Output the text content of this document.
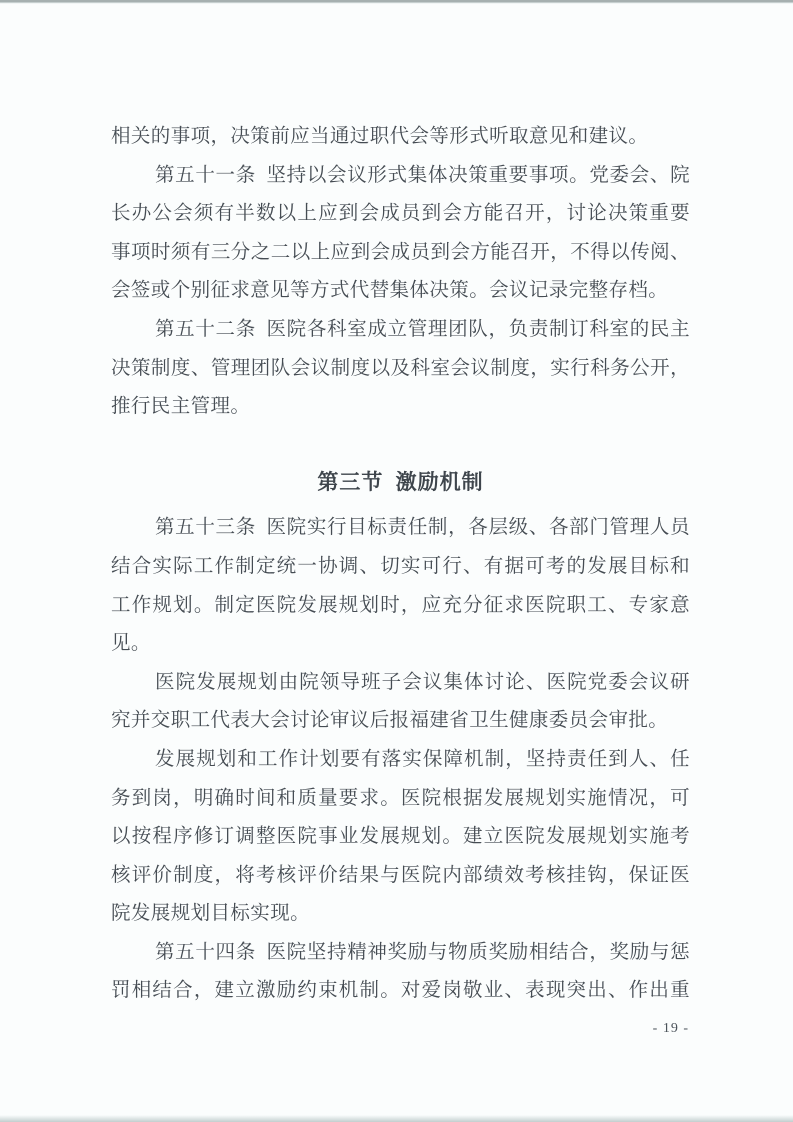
相关的事项，决策前应当通过职代会等形式听取意见和建议。
第五十一条 坚持以会议形式集体决策重要事项。党委会、院
长办公会须有半数以上应到会成员到会方能召开，讨论决策重要
事项时须有三分之二以上应到会成员到会方能召开，不得以传阅、
会签或个别征求意见等方式代替集体决策。会议记录完整存档。
第五十二条 医院各科室成立管理团队，负责制订科室的民主
决策制度、管理团队会议制度以及科室会议制度，实行科务公开，
推行民主管理。
第三节 激励机制
第五十三条 医院实行目标责任制，各层级、各部门管理人员
结合实际工作制定统一协调、切实可行、有据可考的发展目标和
工作规划。制定医院发展规划时，应充分征求医院职工、专家意
见。
医院发展规划由院领导班子会议集体讨论、医院党委会议研
究并交职工代表大会讨论审议后报福建省卫生健康委员会审批。
发展规划和工作计划要有落实保障机制，坚持责任到人、任
务到岗，明确时间和质量要求。医院根据发展规划实施情况，可
以按程序修订调整医院事业发展规划。建立医院发展规划实施考
核评价制度，将考核评价结果与医院内部绩效考核挂钩，保证医
院发展规划目标实现。
第五十四条 医院坚持精神奖励与物质奖励相结合，奖励与惩
罚相结合，建立激励约束机制。对爱岗敬业、表现突出、作出重
- 19 -
